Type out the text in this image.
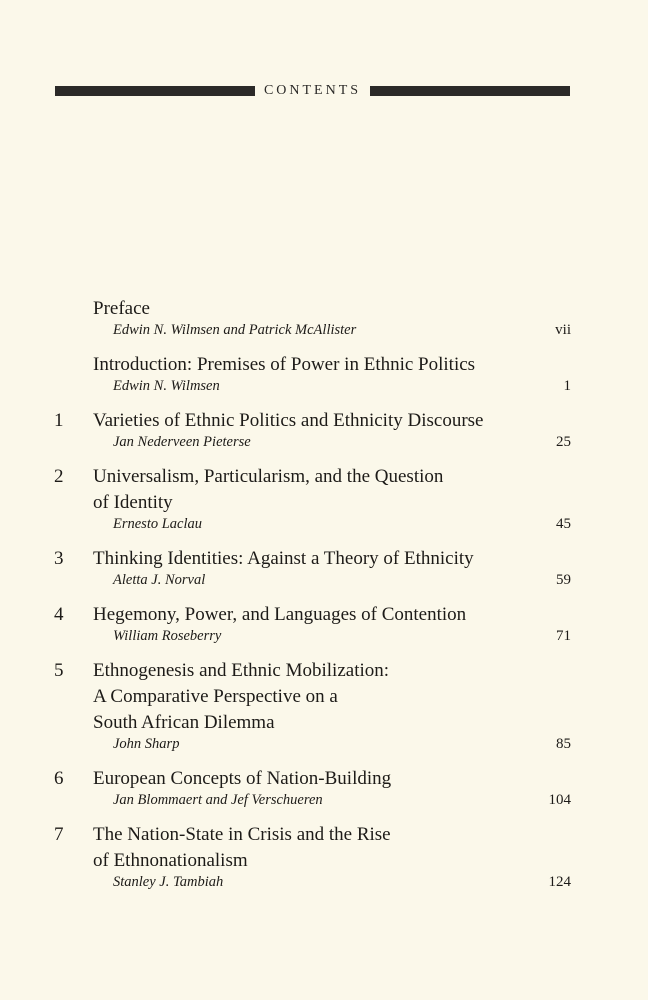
CONTENTS
Preface
Edwin N. Wilmsen and Patrick McAllister	vii
Introduction: Premises of Power in Ethnic Politics
Edwin N. Wilmsen	1
1 Varieties of Ethnic Politics and Ethnicity Discourse
Jan Nederveen Pieterse	25
2 Universalism, Particularism, and the Question
of Identity
Ernesto Laclau	45
3 Thinking Identities: Against a Theory of Ethnicity
Aletta J. Norval	59
4 Hegemony, Power, and Languages of Contention
William Roseberry	71
5 Ethnogenesis and Ethnic Mobilization:
A Comparative Perspective on a
South African Dilemma
John Sharp	85
6 European Concepts of Nation-Building
Jan Blommaert and Jef Verschueren	104
7 The Nation-State in Crisis and the Rise
of Ethnonationalism
Stanley J. Tambiah	124
